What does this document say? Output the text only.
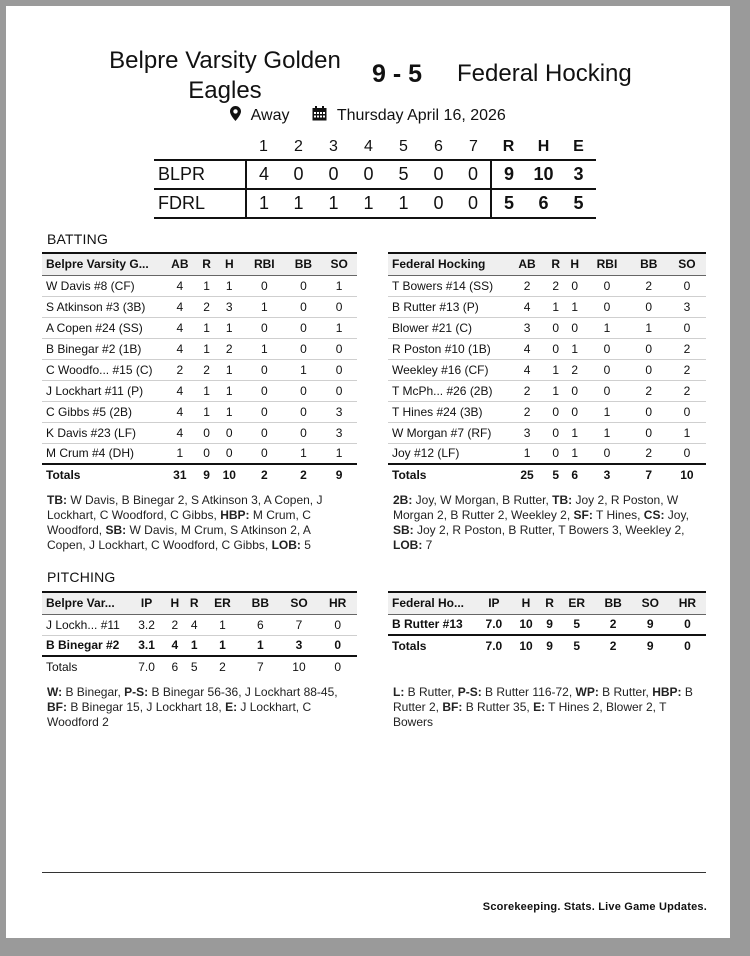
Belpre Varsity Golden Eagles
9 - 5 Federal Hocking
Away	Thursday April 16, 2026
	1	2	3	4	5	6	7	R	H	E
BLPR	4	0	0	0	5	0	0	9	10	3
FDRL	1	1	1	1	1	0	0	5	6	5
BATTING
Belpre Varsity G...	AB	R	H	RBI	BB	SO
W Davis #8 (CF)	4	1	1	0	0	1
S Atkinson #3 (3B)	4	2	3	1	0	0
A Copen #24 (SS)	4	1	1	0	0	1
B Binegar #2 (1B)	4	1	2	1	0	0
C Woodfo... #15 (C)	2	2	1	0	1	0
J Lockhart #11 (P)	4	1	1	0	0	0
C Gibbs #5 (2B)	4	1	1	0	0	3
K Davis #23 (LF)	4	0	0	0	0	3
M Crum #4 (DH)	1	0	0	0	1	1
Totals	31	9	10	2	2	9
Federal Hocking	AB	R	H	RBI	BB	SO
T Bowers #14 (SS)	2	2	0	0	2	0
B Rutter #13 (P)	4	1	1	0	0	3
Blower #21 (C)	3	0	0	1	1	0
R Poston #10 (1B)	4	0	1	0	0	2
Weekley #16 (CF)	4	1	2	0	0	2
T McPh... #26 (2B)	2	1	0	0	2	2
T Hines #24 (3B)	2	0	0	1	0	0
W Morgan #7 (RF)	3	0	1	1	0	1
Joy #12 (LF)	1	0	1	0	2	0
Totals	25	5	6	3	7	10
TB: W Davis, B Binegar 2, S Atkinson 3, A Copen, J Lockhart, C Woodford, C Gibbs, HBP: M Crum, C Woodford, SB: W Davis, M Crum, S Atkinson 2, A Copen, J Lockhart, C Woodford, C Gibbs, LOB: 5
2B: Joy, W Morgan, B Rutter, TB: Joy 2, R Poston, W Morgan 2, B Rutter 2, Weekley 2, SF: T Hines, CS: Joy, SB: Joy 2, R Poston, B Rutter, T Bowers 3, Weekley 2, LOB: 7
PITCHING
Belpre Var...	IP	H	R	ER	BB	SO	HR
J Lockh... #11	3.2	2	4	1	6	7	0
B Binegar #2	3.1	4	1	1	1	3	0
Totals	7.0	6	5	2	7	10	0
Federal Ho...	IP	H	R	ER	BB	SO	HR
B Rutter #13	7.0	10	9	5	2	9	0
Totals	7.0	10	9	5	2	9	0
W: B Binegar, P-S: B Binegar 56-36, J Lockhart 88-45, BF: B Binegar 15, J Lockhart 18, E: J Lockhart, C Woodford 2
L: B Rutter, P-S: B Rutter 116-72, WP: B Rutter, HBP: B Rutter 2, BF: B Rutter 35, E: T Hines 2, Blower 2, T Bowers
Scorekeeping. Stats. Live Game Updates.
